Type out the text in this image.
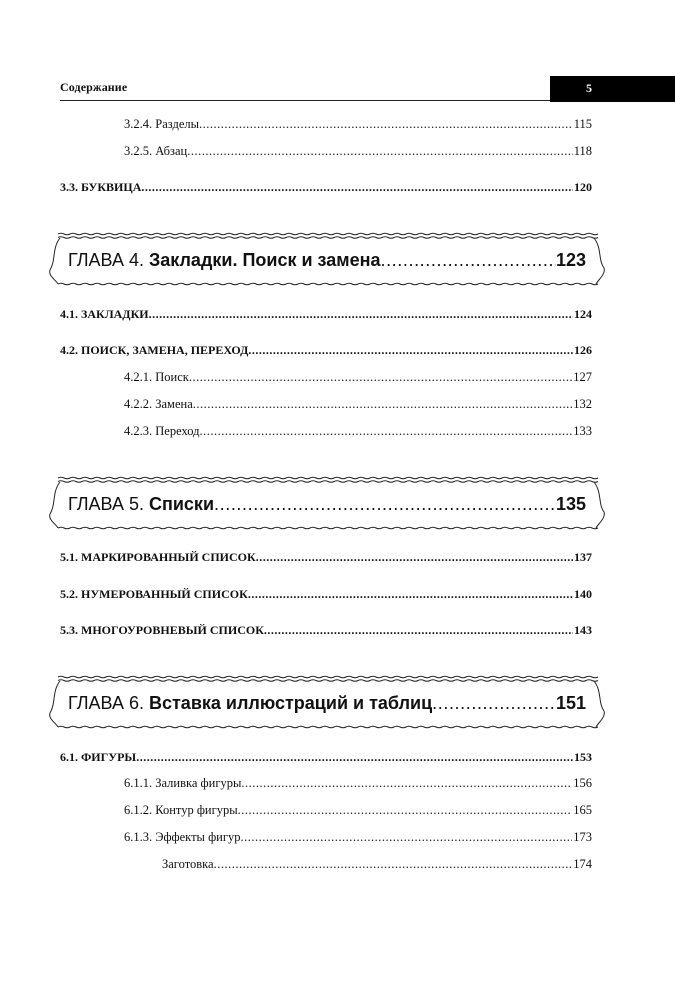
Содержание	5
3.2.4. Разделы .....	115
3.2.5. Абзац .....	118
3.3. БУКВИЦА .....	120
ГЛАВА 4. Закладки. Поиск и замена .....	123
4.1. ЗАКЛАДКИ .....	124
4.2. ПОИСК, ЗАМЕНА, ПЕРЕХОД .....	126
4.2.1. Поиск .....	127
4.2.2. Замена .....	132
4.2.3. Переход .....	133
ГЛАВА 5. Списки .....	135
5.1. МАРКИРОВАННЫЙ СПИСОК .....	137
5.2. НУМЕРОВАННЫЙ СПИСОК .....	140
5.3. МНОГОУРОВНЕВЫЙ СПИСОК .....	143
ГЛАВА 6. Вставка иллюстраций и таблиц .....	151
6.1. ФИГУРЫ .....	153
6.1.1. Заливка фигуры .....	156
6.1.2. Контур фигуры .....	165
6.1.3. Эффекты фигур .....	173
Заготовка .....	174
